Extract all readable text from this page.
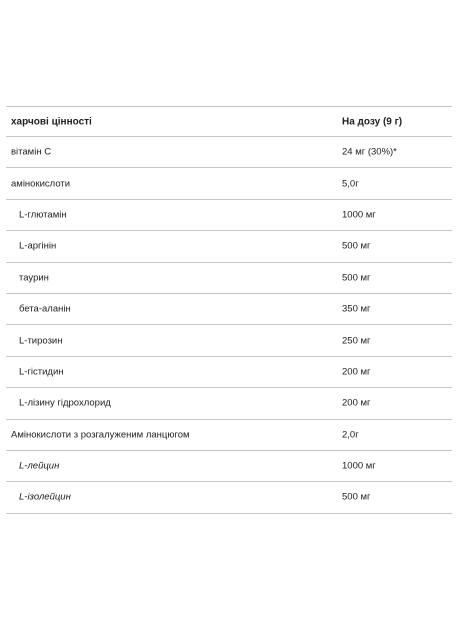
харчові цінності	На дозу (9 г)
вітамін C	24 мг (30%)*
амінокислоти	5,0г
L-глютамін	1000 мг
L-аргінін	500 мг
таурин	500 мг
бета-аланін	350 мг
L-тирозин	250 мг
L-гістидин	200 мг
L-лізину гідрохлорид	200 мг
Амінокислоти з розгалуженим ланцюгом	2,0г
L-лейцин	1000 мг
L-ізолейцин	500 мг
